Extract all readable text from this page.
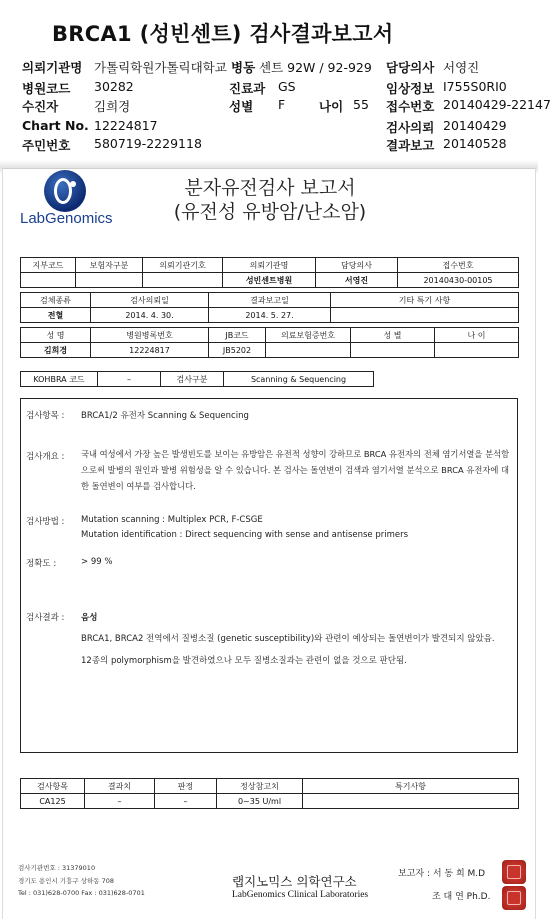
BRCA1 (성빈센트) 검사결과보고서
의뢰기관명 가톨릭학원가톨릭대학교 병동 센트 92W / 92-929 담당의사 서영진
병원코드 30282	진료과 GS	임상정보 I755S0RI0
수진자	김희경	성별 F	나이 55 접수번호 20140429-22147
Chart No. 12224817	검사의뢰 20140429
주민번호 580719-2229118	결과보고 20140528
LabGenomics
분자유전검사 보고서
(유전성 유방암/난소암)
지부코드	보험자구분	의뢰기관기호	의뢰기관명	담당의사	접수번호
			성빈센트병원	서영진	20140430-00105
검체종류	검사의뢰일	결과보고일	기타 특기 사항
전혈	2014. 4. 30.	2014. 5. 27.	
성 명	병원병록번호	JB코드	의료보험증번호	성 별	나 이
김희경	12224817	JB5202			
KOHBRA 코드	–	검사구분	Scanning & Sequencing
검사항목 : BRCA1/2 유전자 Scanning & Sequencing
검사개요 : 국내 여성에서 가장 높은 발생빈도를 보이는 유방암은 유전적 성향이 강하므로 BRCA 유전자의 전체 염기서열을 분석함으로써 발병의 원인과 발병 위험성을 알 수 있습니다. 본 검사는 돌연변이 검색과 염기서열 분석으로 BRCA 유전자에 대한 돌연변이 여부를 검사합니다.
검사방법 : Mutation scanning : Multiplex PCR, F-CSGE
Mutation identification : Direct sequencing with sense and antisense primers
정확도 :	> 99 %
검사결과 : 음성
BRCA1, BRCA2 전역에서 질병소질 (genetic susceptibility)와 관련이 예상되는 돌연변이가 발견되지 않았음.
12종의 polymorphism을 발견하였으나 모두 질병소질과는 관련이 없을 것으로 판단됨.
검사항목	결과치	판정	정상참고치	특기사항
CA125	–	–	0~35 U/ml	
검사기관번호 : 31379010
경기도 용인시 기흥구 상하동 708
Tel : 031)628-0700 Fax : 031)628-0701
랩지노믹스 의학연구소
LabGenomics Clinical Laboratories
보고자 : 서 동 희 M.D
조 대 연 Ph.D.
